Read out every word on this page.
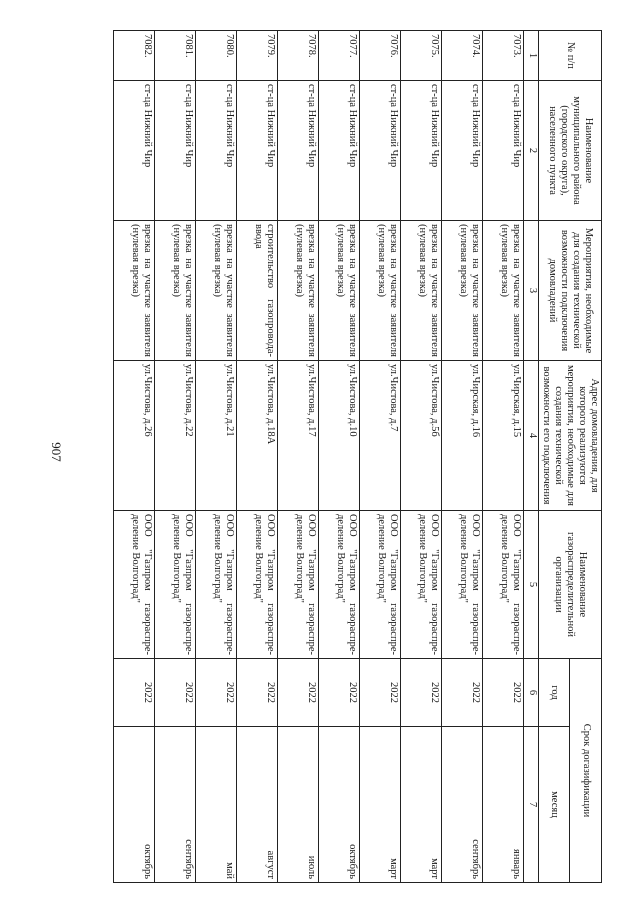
907
№ п/п	Наименование муниципального района (городского округа), населенного пункта	Мероприятия, необходимые для создания технической возможности подключения домовладений	Адрес домовладения, для которого реализуются мероприятия, необходимые для создания технической возможности его подключения	Наименование газораспределительной организации	Срок догазификации	
					год	месяц
1	2	3	4	5	6	7
7073.	ст-ца Нижний Чир	врезка на участке заявителя (нулевая врезка)	ул.Чирская, д.15	ООО "Газпром газораспре-деление Волгоград"	2022	январь
7074.	ст-ца Нижний Чир	врезка на участке заявителя (нулевая врезка)	ул.Чирская, д.16	ООО "Газпром газораспре-деление Волгоград"	2022	сентябрь
7075.	ст-ца Нижний Чир	врезка на участке заявителя (нулевая врезка)	ул.Чистова, д.5б	ООО "Газпром газораспре-деление Волгоград"	2022	март
7076.	ст-ца Нижний Чир	врезка на участке заявителя (нулевая врезка)	ул.Чистова, д.7	ООО "Газпром газораспре-деление Волгоград"	2022	март
7077.	ст-ца Нижний Чир	врезка на участке заявителя (нулевая врезка)	ул.Чистова, д.10	ООО "Газпром газораспре-деление Волгоград"	2022	октябрь
7078.	ст-ца Нижний Чир	врезка на участке заявителя (нулевая врезка)	ул.Чистова, д.17	ООО "Газпром газораспре-деление Волгоград"	2022	июль
7079.	ст-ца Нижний Чир	строительство газопровода-ввода	ул.Чистова, д.18А	ООО "Газпром газораспре-деление Волгоград"	2022	август
7080.	ст-ца Нижний Чир	врезка на участке заявителя (нулевая врезка)	ул.Чистова, д.21	ООО "Газпром газораспре-деление Волгоград"	2022	май
7081.	ст-ца Нижний Чир	врезка на участке заявителя (нулевая врезка)	ул.Чистова, д.22	ООО "Газпром газораспре-деление Волгоград"	2022	сентябрь
7082.	ст-ца Нижний Чир	врезка на участке заявителя (нулевая врезка)	ул.Чистова, д.26	ООО "Газпром газораспре-деление Волгоград"	2022	октябрь
